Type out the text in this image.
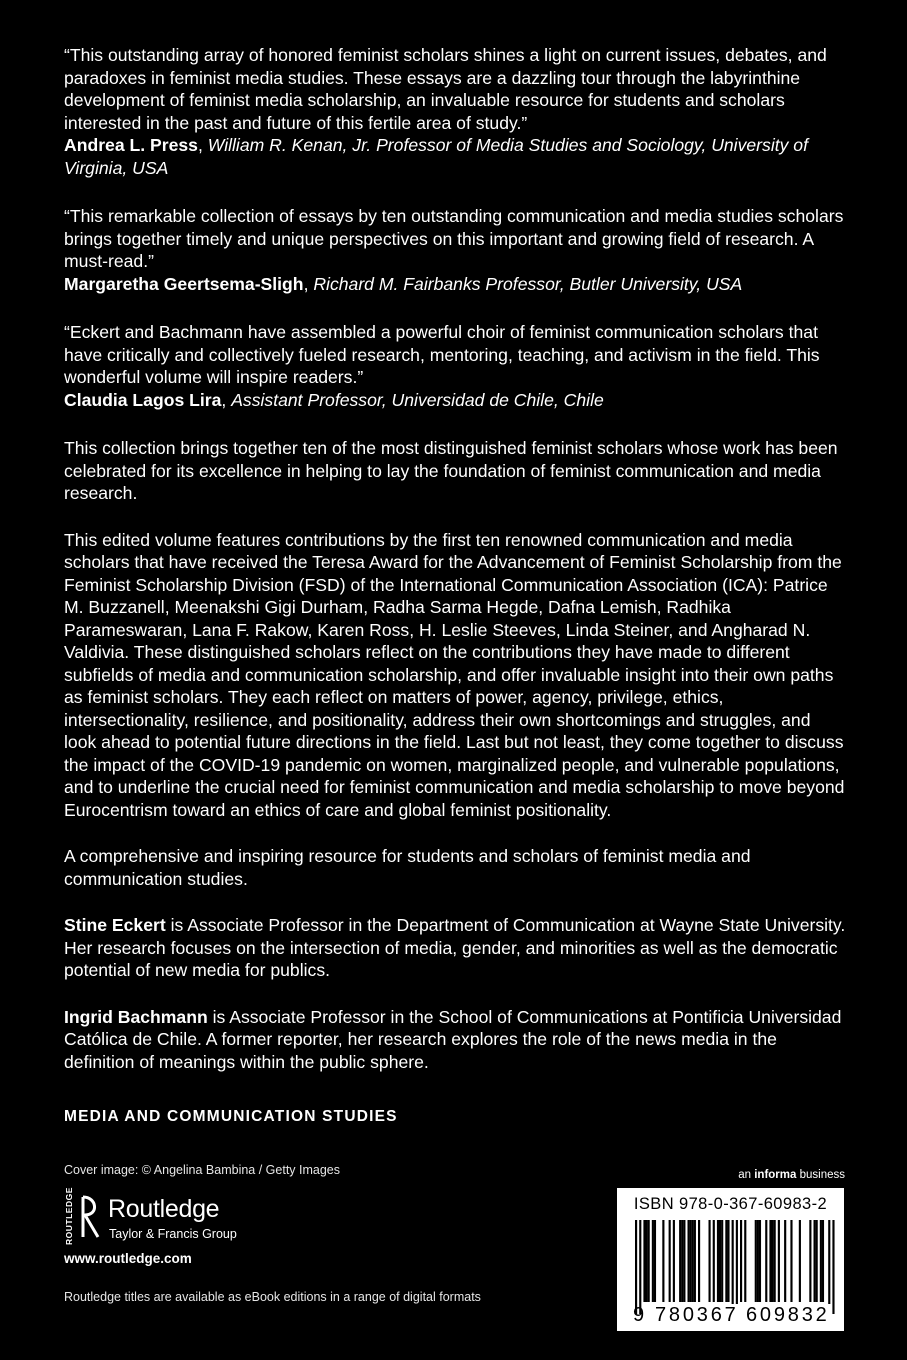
“This outstanding array of honored feminist scholars shines a light on current issues, debates, and paradoxes in feminist media studies. These essays are a dazzling tour through the labyrinthine development of feminist media scholarship, an invaluable resource for students and scholars interested in the past and future of this fertile area of study.”

Andrea L. Press, William R. Kenan, Jr. Professor of Media Studies and Sociology, University of Virginia, USA

“This remarkable collection of essays by ten outstanding communication and media studies scholars brings together timely and unique perspectives on this important and growing field of research. A must-read.”

Margaretha Geertsema-Sligh, Richard M. Fairbanks Professor, Butler University, USA

“Eckert and Bachmann have assembled a powerful choir of feminist communication scholars that have critically and collectively fueled research, mentoring, teaching, and activism in the field. This wonderful volume will inspire readers.”

Claudia Lagos Lira, Assistant Professor, Universidad de Chile, Chile

This collection brings together ten of the most distinguished feminist scholars whose work has been celebrated for its excellence in helping to lay the foundation of feminist communication and media research.

This edited volume features contributions by the first ten renowned communication and media scholars that have received the Teresa Award for the Advancement of Feminist Scholarship from the Feminist Scholarship Division (FSD) of the International Communication Association (ICA): Patrice M. Buzzanell, Meenakshi Gigi Durham, Radha Sarma Hegde, Dafna Lemish, Radhika Parameswaran, Lana F. Rakow, Karen Ross, H. Leslie Steeves, Linda Steiner, and Angharad N. Valdivia. These distinguished scholars reflect on the contributions they have made to different subfields of media and communication scholarship, and offer invaluable insight into their own paths as feminist scholars. They each reflect on matters of power, agency, privilege, ethics, intersectionality, resilience, and positionality, address their own shortcomings and struggles, and look ahead to potential future directions in the field. Last but not least, they come together to discuss the impact of the COVID-19 pandemic on women, marginalized people, and vulnerable populations, and to underline the crucial need for feminist communication and media scholarship to move beyond Eurocentrism toward an ethics of care and global feminist positionality.

A comprehensive and inspiring resource for students and scholars of feminist media and communication studies.

Stine Eckert is Associate Professor in the Department of Communication at Wayne State University. Her research focuses on the intersection of media, gender, and minorities as well as the democratic potential of new media for publics.

Ingrid Bachmann is Associate Professor in the School of Communications at Pontificia Universidad Católica de Chile. A former reporter, her research explores the role of the news media in the definition of meanings within the public sphere.

MEDIA AND COMMUNICATION STUDIES
Cover image: © Angelina Bambina / Getty Images
ROUTLEDGE Routledge
Taylor & Francis Group
www.routledge.com
Routledge titles are available as eBook editions in a range of digital formats
an informa business
ISBN 978-0-367-60983-2
9 780367 609832
